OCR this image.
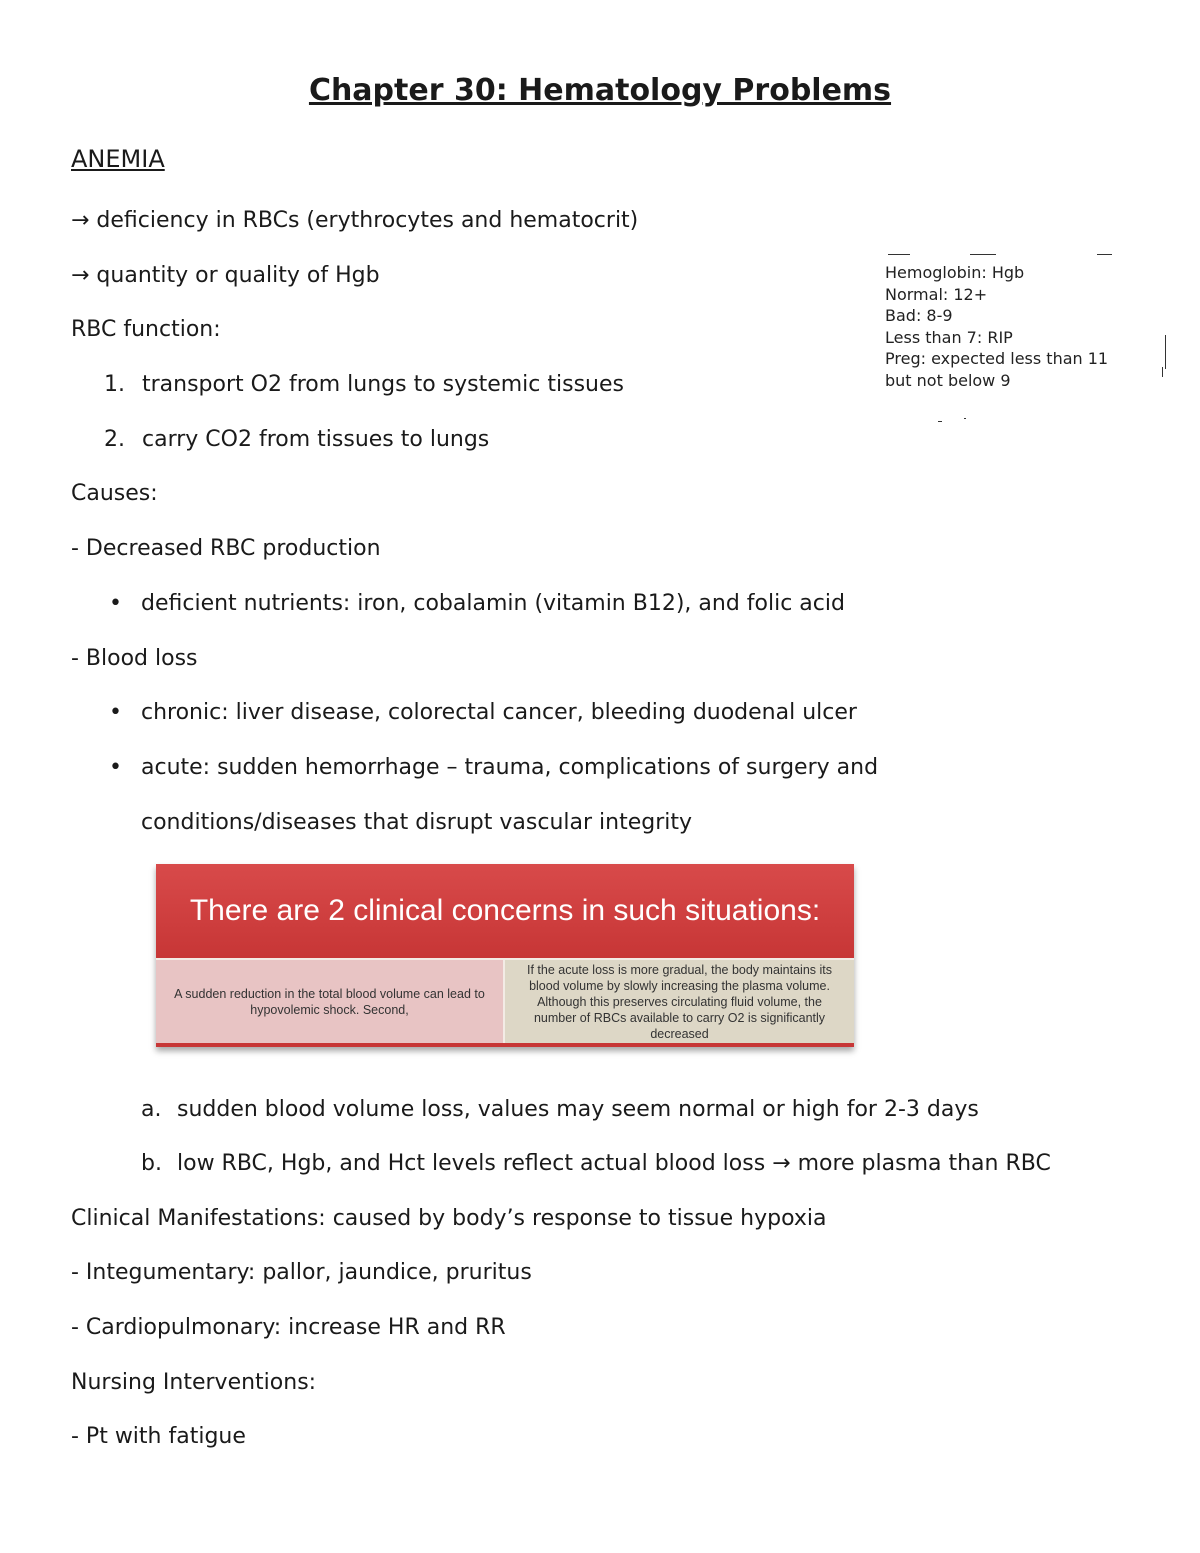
Chapter 30: Hematology Problems
ANEMIA
→ deficiency in RBCs (erythrocytes and hematocrit)
→ quantity or quality of Hgb
RBC function:
1. transport O2 from lungs to systemic tissues
2. carry CO2 from tissues to lungs
Causes:
- Decreased RBC production
• deficient nutrients: iron, cobalamin (vitamin B12), and folic acid
- Blood loss
• chronic: liver disease, colorectal cancer, bleeding duodenal ulcer
• acute: sudden hemorrhage – trauma, complications of surgery and
conditions/diseases that disrupt vascular integrity
There are 2 clinical concerns in such situations:
A sudden reduction in the total blood volume can lead to hypovolemic shock. Second,
If the acute loss is more gradual, the body maintains its blood volume by slowly increasing the plasma volume. Although this preserves circulating fluid volume, the number of RBCs available to carry O2 is significantly decreased
a. sudden blood volume loss, values may seem normal or high for 2-3 days
b. low RBC, Hgb, and Hct levels reflect actual blood loss → more plasma than RBC
Clinical Manifestations: caused by body’s response to tissue hypoxia
- Integumentary: pallor, jaundice, pruritus
- Cardiopulmonary: increase HR and RR
Nursing Interventions:
- Pt with fatigue
Hemoglobin: Hgb
Normal: 12+
Bad: 8-9
Less than 7: RIP
Preg: expected less than 11
but not below 9
